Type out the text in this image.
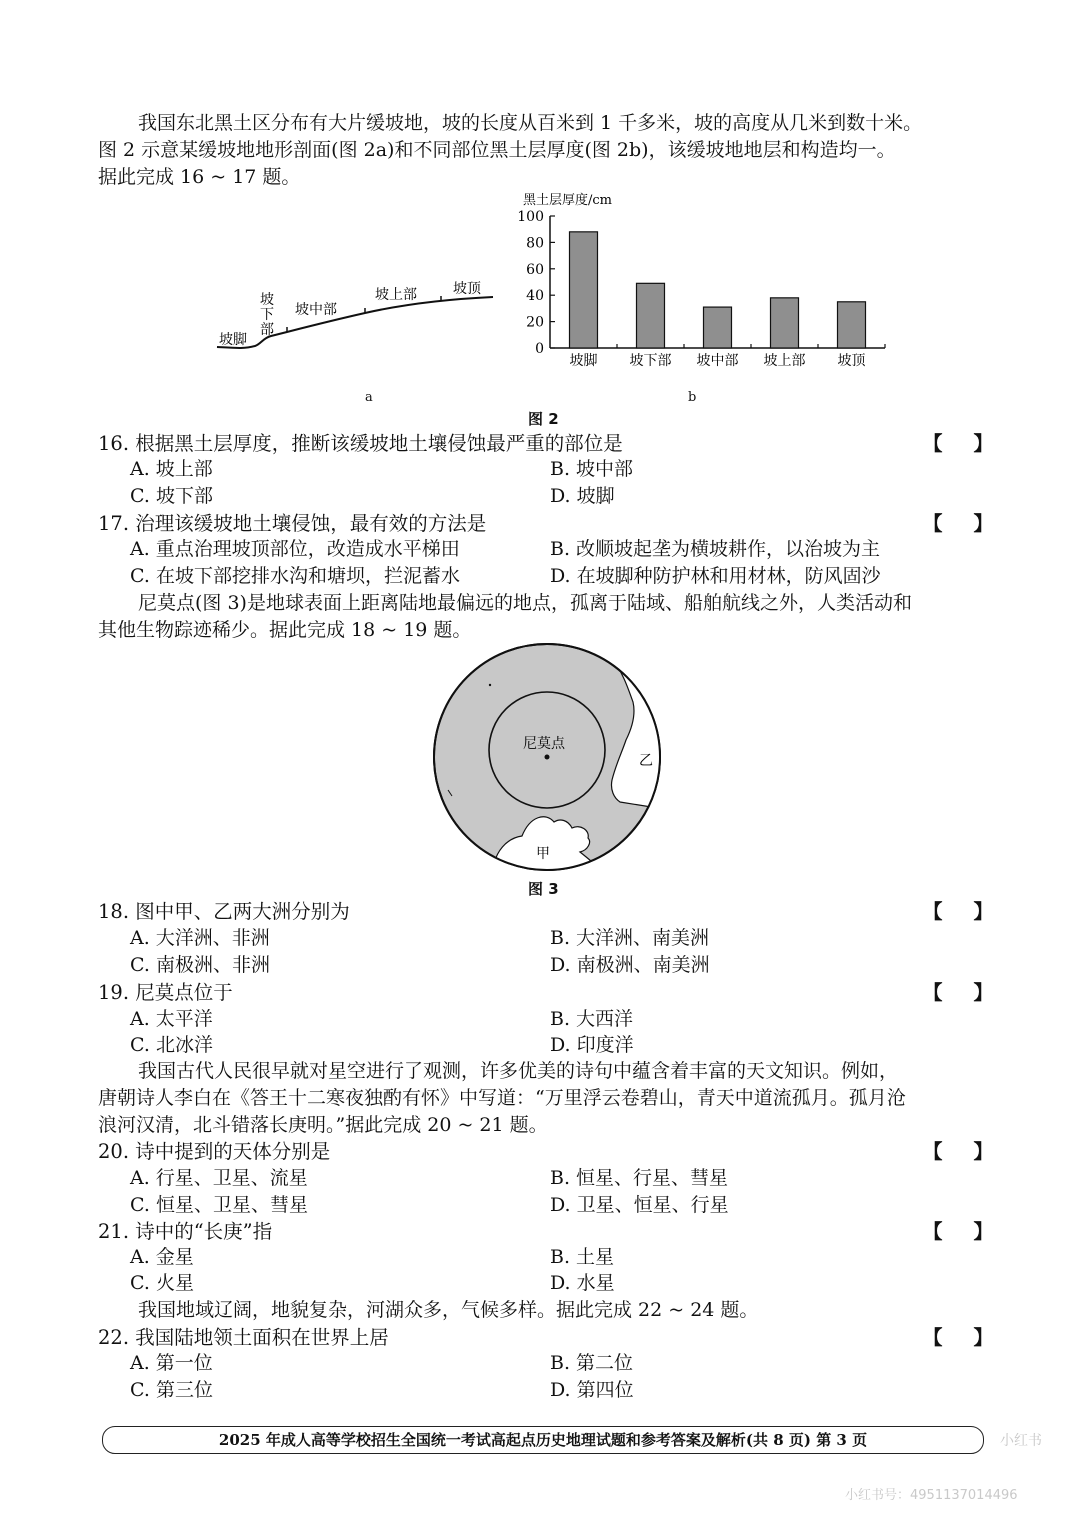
我国东北黑土区分布有大片缓坡地，坡的长度从百米到 1 千多米，坡的高度从几米到数十米。
图 2 示意某缓坡地地形剖面(图 2a)和不同部位黑土层厚度(图 2b)，该缓坡地地层和构造均一。
据此完成 16 ~ 17 题。
坡脚
坡
下
部
坡中部
坡上部	坡顶
a
黑土层厚度/cm
0
20
40
60
80
100
坡脚 坡下部 坡中部 坡上部 坡顶
b
图 2
16. 根据黑土层厚度，推断该缓坡地土壤侵蚀最严重的部位是	【 】
A. 坡上部	B. 坡中部
C. 坡下部	D. 坡脚
17. 治理该缓坡地土壤侵蚀，最有效的方法是	【 】
A. 重点治理坡顶部位，改造成水平梯田	B. 改顺坡起垄为横坡耕作，以治坡为主
C. 在坡下部挖排水沟和塘坝，拦泥蓄水	D. 在坡脚种防护林和用材林，防风固沙
尼莫点(图 3)是地球表面上距离陆地最偏远的地点，孤离于陆域、船舶航线之外，人类活动和
其他生物踪迹稀少。据此完成 18 ~ 19 题。
尼莫点
乙
甲
图 3
18. 图中甲、乙两大洲分别为	【 】
A. 大洋洲、非洲	B. 大洋洲、南美洲
C. 南极洲、非洲	D. 南极洲、南美洲
19. 尼莫点位于	【 】
A. 太平洋	B. 大西洋
C. 北冰洋	D. 印度洋
我国古代人民很早就对星空进行了观测，许多优美的诗句中蕴含着丰富的天文知识。例如，
唐朝诗人李白在《答王十二寒夜独酌有怀》中写道：“万里浮云卷碧山，青天中道流孤月。孤月沧
浪河汉清，北斗错落长庚明。”据此完成 20 ~ 21 题。
20. 诗中提到的天体分别是	【 】
A. 行星、卫星、流星	B. 恒星、行星、彗星
C. 恒星、卫星、彗星	D. 卫星、恒星、行星
21. 诗中的“长庚”指	【 】
A. 金星	B. 土星
C. 火星	D. 水星
我国地域辽阔，地貌复杂，河湖众多，气候多样。据此完成 22 ~ 24 题。
22. 我国陆地领土面积在世界上居	【 】
A. 第一位	B. 第二位
C. 第三位	D. 第四位
2025 年成人高等学校招生全国统一考试高起点历史地理试题和参考答案及解析(共 8 页) 第 3 页	小红书
小红书号：4951137014496
